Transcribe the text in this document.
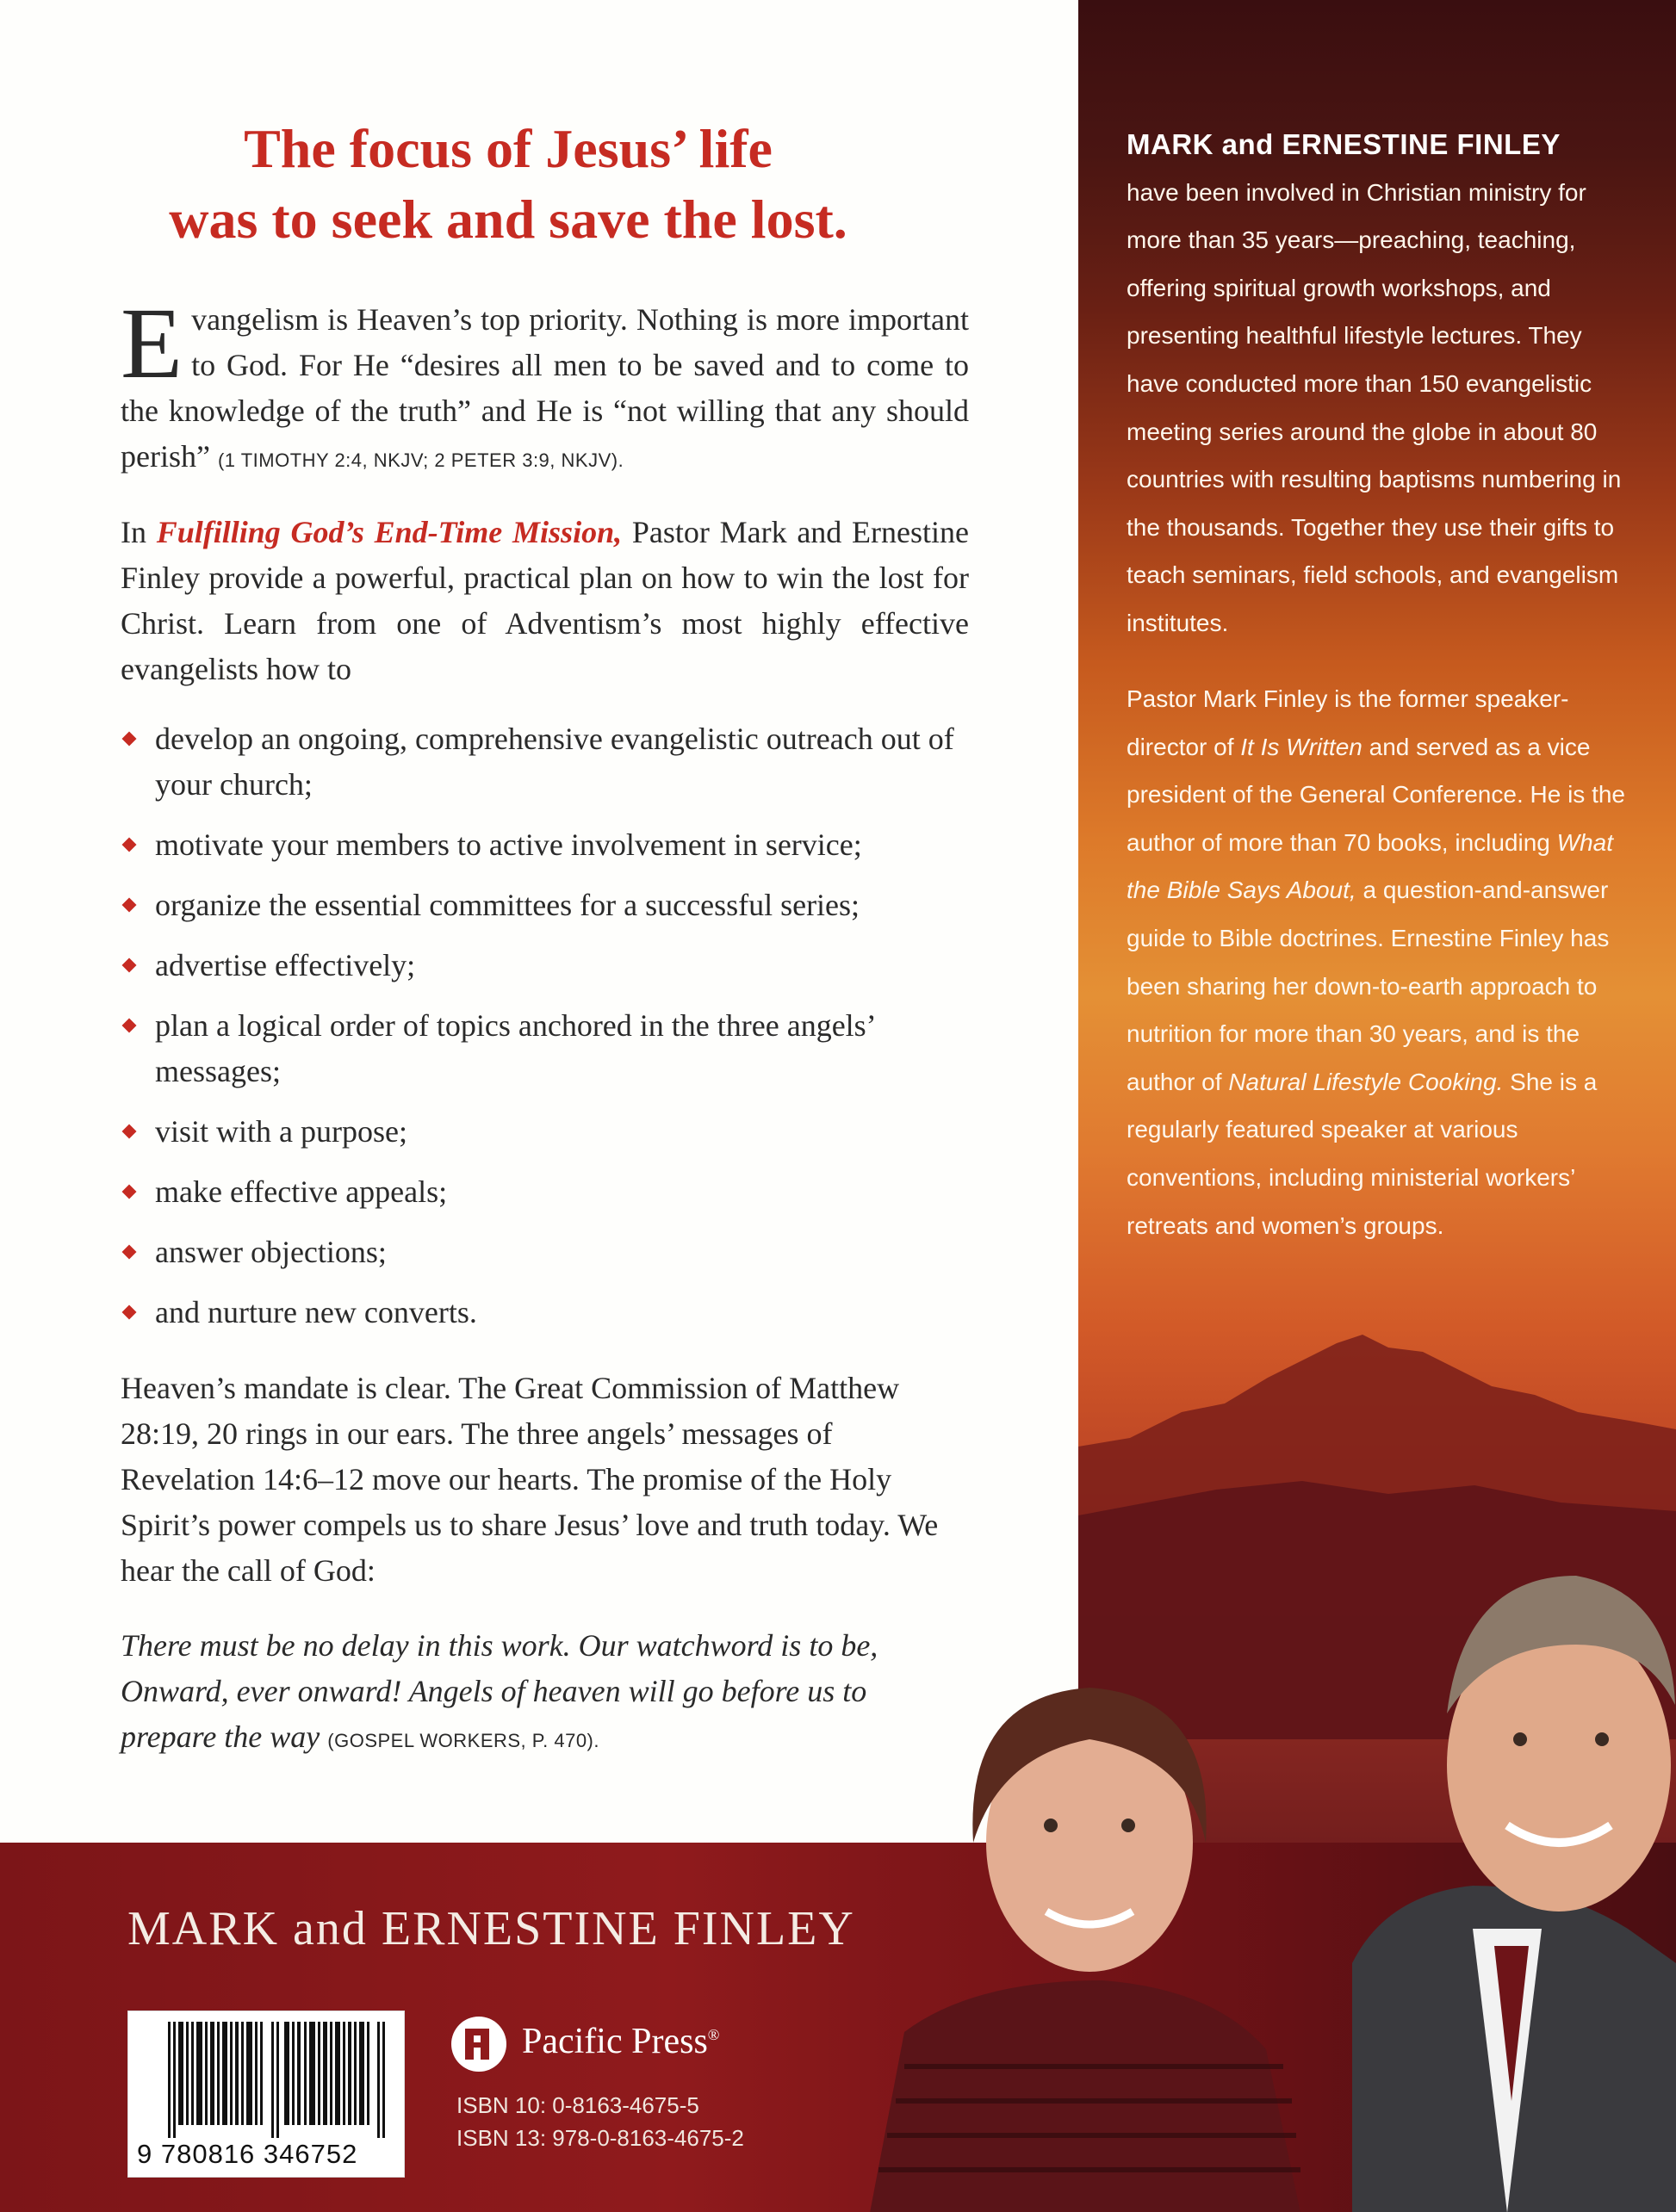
The focus of Jesus’ life
was to seek and save the lost.
Evangelism is Heaven’s top priority. Nothing is more important to God. For He “desires all men to be saved and to come to the knowledge of the truth” and He is “not willing that any should perish” (1 TIMOTHY 2:4, NKJV; 2 PETER 3:9, NKJV).
In Fulfilling God’s End-Time Mission, Pastor Mark and Ernestine Finley provide a powerful, practical plan on how to win the lost for Christ. Learn from one of Adventism’s most highly effective evangelists how to
develop an ongoing, comprehensive evangelistic outreach out of your church;
motivate your members to active involvement in service;
organize the essential committees for a successful series;
advertise effectively;
plan a logical order of topics anchored in the three angels’ messages;
visit with a purpose;
make effective appeals;
answer objections;
and nurture new converts.
Heaven’s mandate is clear. The Great Commission of Matthew 28:19, 20 rings in our ears. The three angels’ messages of Revelation 14:6–12 move our hearts. The promise of the Holy Spirit’s power compels us to share Jesus’ love and truth today. We hear the call of God:
There must be no delay in this work. Our watchword is to be, Onward, ever onward! Angels of heaven will go before us to prepare the way (GOSPEL WORKERS, P. 470).
MARK and ERNESTINE FINLEY
have been involved in Christian ministry for more than 35 years—preaching, teaching, offering spiritual growth workshops, and presenting healthful lifestyle lectures. They have conducted more than 150 evangelistic meeting series around the globe in about 80 countries with resulting baptisms numbering in the thousands. Together they use their gifts to teach seminars, field schools, and evangelism institutes.
Pastor Mark Finley is the former speaker-director of It Is Written and served as a vice president of the General Conference. He is the author of more than 70 books, including What the Bible Says About, a question-and-answer guide to Bible doctrines. Ernestine Finley has been sharing her down-to-earth approach to nutrition for more than 30 years, and is the author of Natural Lifestyle Cooking. She is a regularly featured speaker at various conventions, including ministerial workers’ retreats and women’s groups.
MARK and ERNESTINE FINLEY
9 780816 346752
Pacific Press®
ISBN 10: 0-8163-4675-5
ISBN 13: 978-0-8163-4675-2
